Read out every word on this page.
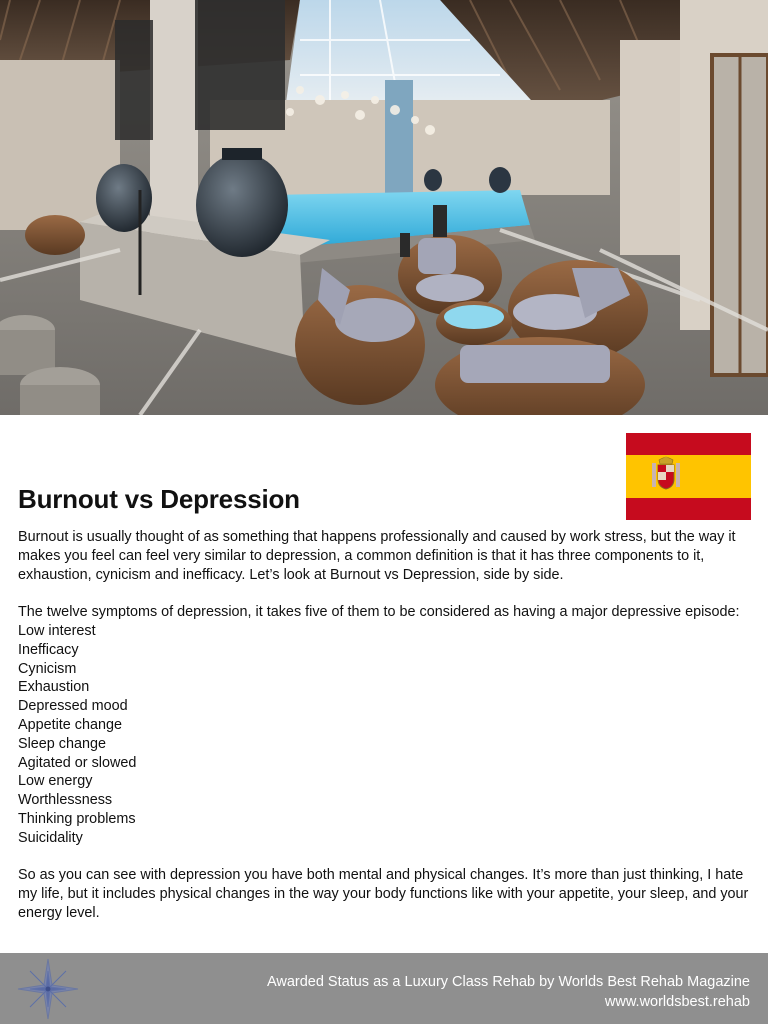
Burnout vs Depression

Burnout is usually thought of as something that happens professionally and caused by work stress, but the way it makes you feel can feel very similar to depression, a common definition is that it has three components to it, exhaustion, cynicism and inefficacy. Let’s look at Burnout vs Depression, side by side.

The twelve symptoms of depression, it takes five of them to be considered as having a major depressive episode:

Low interest
Inefficacy
Cynicism
Exhaustion
Depressed mood
Appetite change
Sleep change
Agitated or slowed
Low energy
Worthlessness
Thinking problems
Suicidality

So as you can see with depression you have both mental and physical changes. It’s more than just thinking, I hate my life, but it includes physical changes in the way your body functions like with your appetite, your sleep, and your energy level.

Awarded Status as a Luxury Class Rehab by Worlds Best Rehab Magazine
www.worldsbest.rehab
